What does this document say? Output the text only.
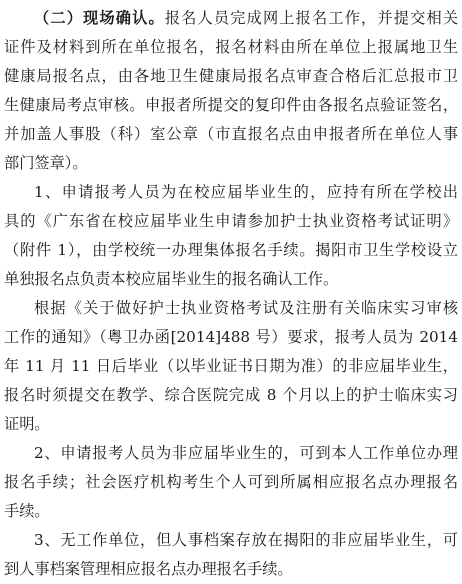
（二）现场确认。报名人员完成网上报名工作，并提交相关
证件及材料到所在单位报名，报名材料由所在单位上报属地卫生
健康局报名点，由各地卫生健康局报名点审查合格后汇总报市卫
生健康局考点审核。申报者所提交的复印件由各报名点验证签名，
并加盖人事股（科）室公章（市直报名点由申报者所在单位人事
部门签章）。
1、申请报考人员为在校应届毕业生的，应持有所在学校出
具的《广东省在校应届毕业生申请参加护士执业资格考试证明》
（附件 1），由学校统一办理集体报名手续。揭阳市卫生学校设立
单独报名点负责本校应届毕业生的报名确认工作。
根据《关于做好护士执业资格考试及注册有关临床实习审核
工作的通知》（粤卫办函[2014]488 号）要求，报考人员为 2014
年 11 月 11 日后毕业（以毕业证书日期为准）的非应届毕业生，
报名时须提交在教学、综合医院完成 8 个月以上的护士临床实习
证明。
2、申请报考人员为非应届毕业生的，可到本人工作单位办理
报名手续；社会医疗机构考生个人可到所属相应报名点办理报名
手续。
3、无工作单位，但人事档案存放在揭阳的非应届毕业生，可
到人事档案管理相应报名点办理报名手续。
